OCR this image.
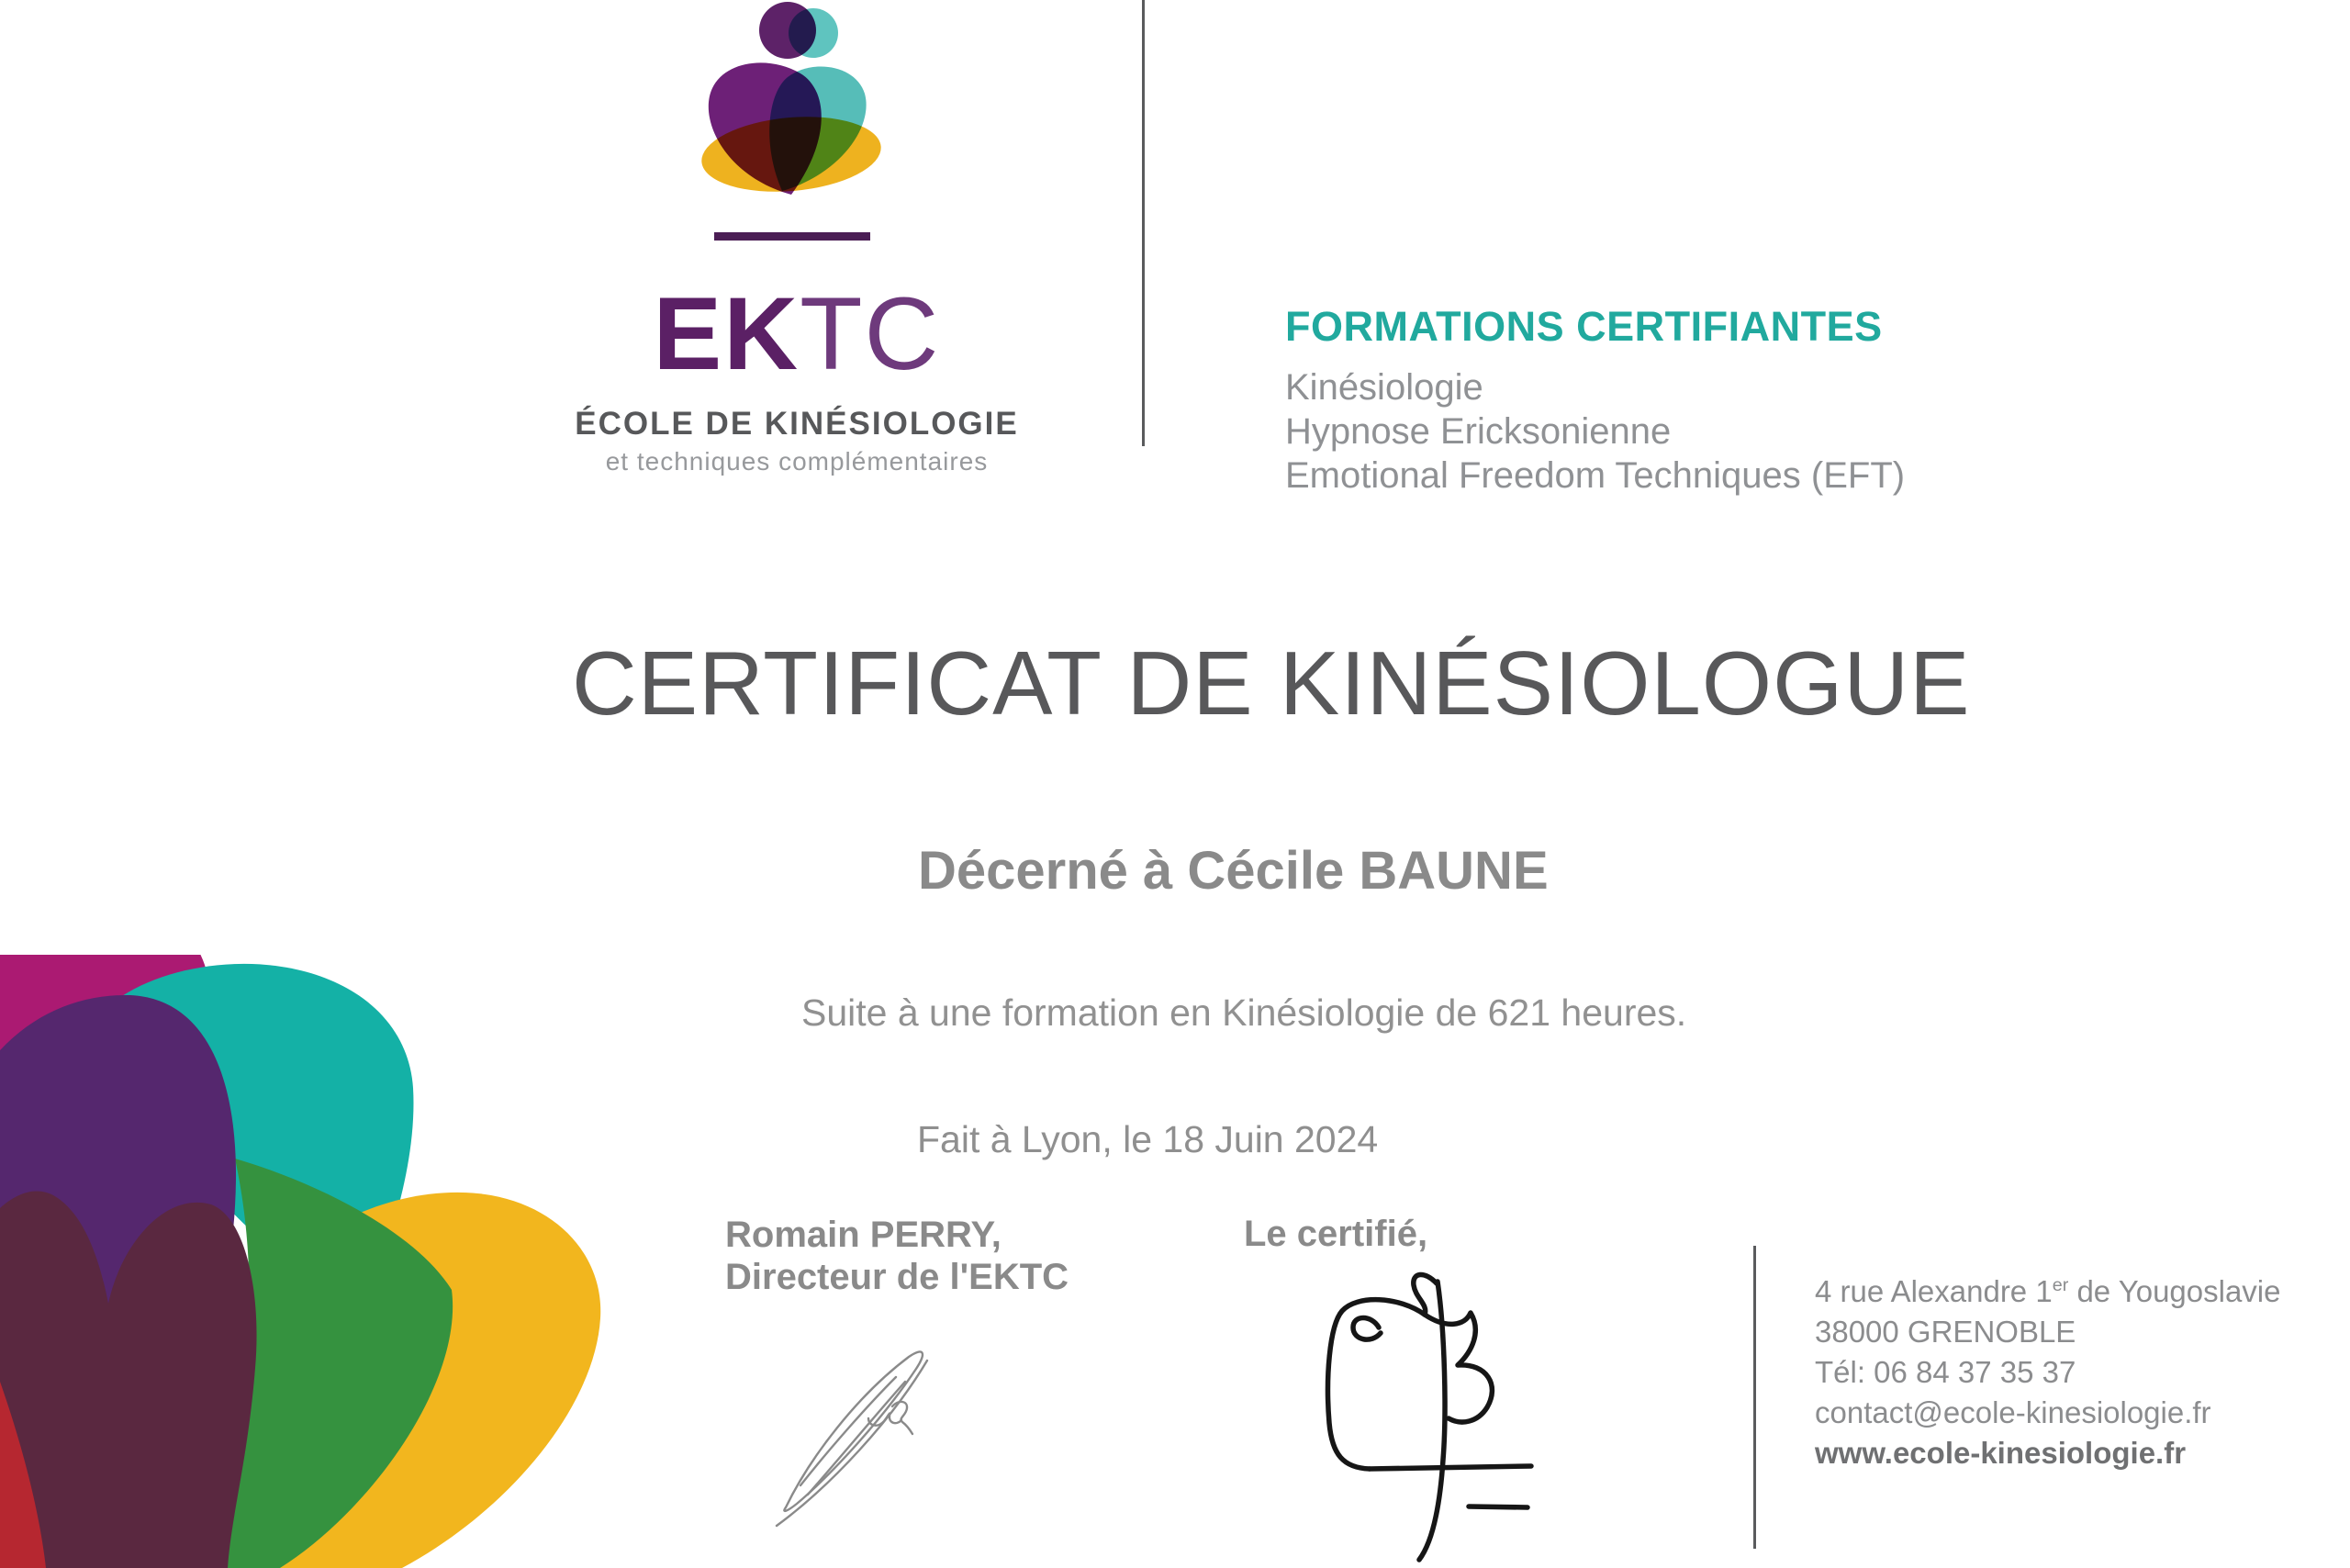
EKTC
ÉCOLE DE KINÉSIOLOGIE
et techniques complémentaires
FORMATIONS CERTIFIANTES
Kinésiologie
Hypnose Ericksonienne
Emotional Freedom Techniques (EFT)
CERTIFICAT DE KINÉSIOLOGUE
Décerné à Cécile BAUNE
Suite à une formation en Kinésiologie de 621 heures.
Fait à Lyon, le 18 Juin 2024
Romain PERRY,
Directeur de l'EKTC
Le certifié,
4 rue Alexandre 1er de Yougoslavie
38000 GRENOBLE
Tél: 06 84 37 35 37
contact@ecole-kinesiologie.fr
www.ecole-kinesiologie.fr
